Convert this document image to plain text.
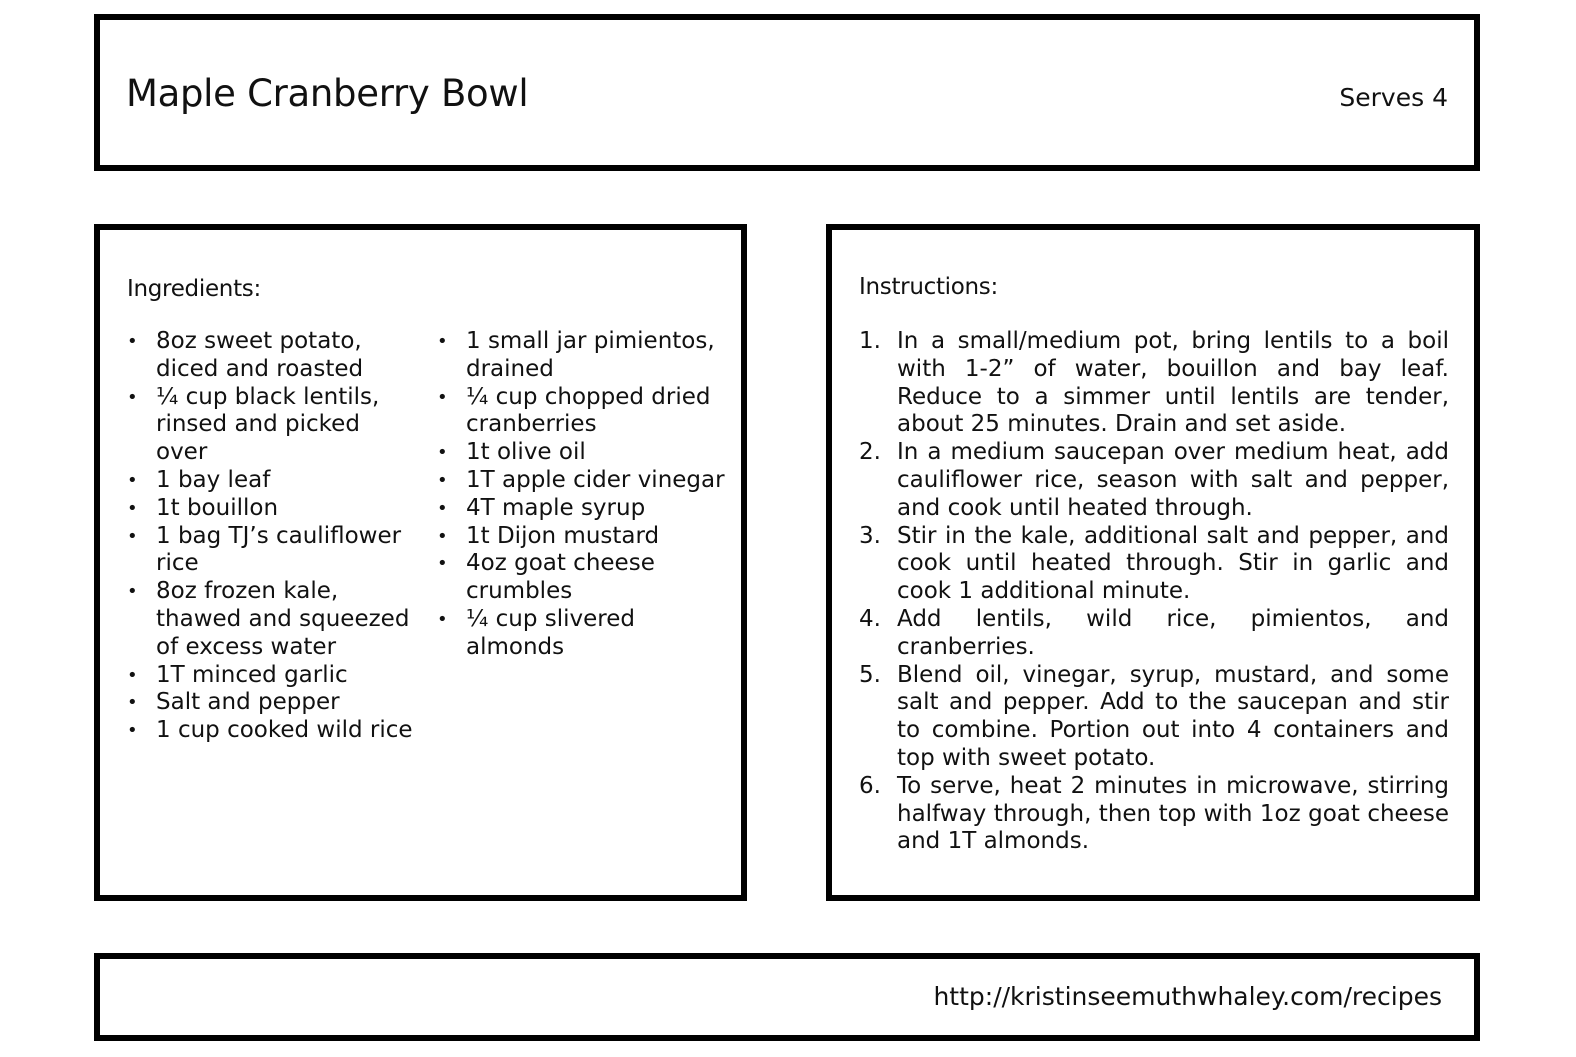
Maple Cranberry Bowl	Serves 4

Ingredients:
• 8oz sweet potato, diced and roasted
• ¼ cup black lentils, rinsed and picked over
• 1 bay leaf
• 1t bouillon
• 1 bag TJ’s cauliflower rice
• 8oz frozen kale, thawed and squeezed of excess water
• 1T minced garlic
• Salt and pepper
• 1 cup cooked wild rice
• 1 small jar pimientos, drained
• ¼ cup chopped dried cranberries
• 1t olive oil
• 1T apple cider vinegar
• 4T maple syrup
• 1t Dijon mustard
• 4oz goat cheese crumbles
• ¼ cup slivered almonds
Instructions:
1. In a small/medium pot, bring lentils to a boil with 1-2” of water, bouillon and bay leaf. Reduce to a simmer until lentils are tender, about 25 minutes. Drain and set aside.
2. In a medium saucepan over medium heat, add cauliflower rice, season with salt and pepper, and cook until heated through.
3. Stir in the kale, additional salt and pepper, and cook until heated through. Stir in garlic and cook 1 additional minute.
4. Add lentils, wild rice, pimientos, and cranberries.
5. Blend oil, vinegar, syrup, mustard, and some salt and pepper. Add to the saucepan and stir to combine. Portion out into 4 containers and top with sweet potato.
6. To serve, heat 2 minutes in microwave, stirring halfway through, then top with 1oz goat cheese and 1T almonds.

http://kristinseemuthwhaley.com/recipes
